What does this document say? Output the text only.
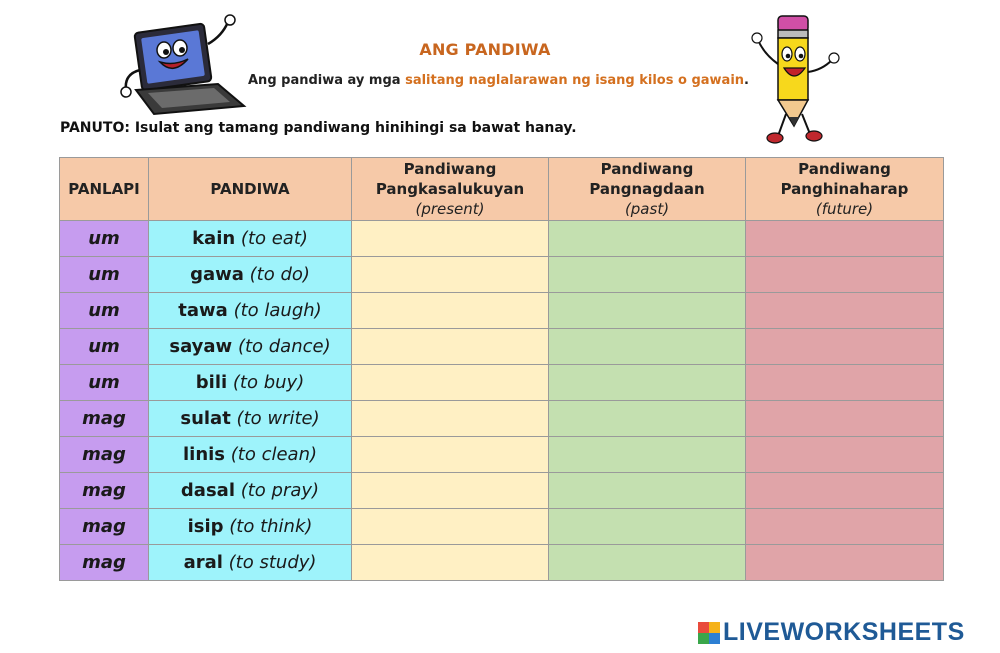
ANG PANDIWA
Ang pandiwa ay mga salitang naglalarawan ng isang kilos o gawain.
PANUTO: Isulat ang tamang pandiwang hinihingi sa bawat hanay.
PANLAPI	PANDIWA	Pandiwang
Pangkasalukuyan
(present)	Pandiwang
Pangnagdaan
(past)	Pandiwang
Panghinaharap
(future)

um	kain (to eat)			
um	gawa (to do)			
um	tawa (to laugh)			
um	sayaw (to dance)			
um	bili (to buy)			
mag	sulat (to write)			
mag	linis (to clean)			
mag	dasal (to pray)			
mag	isip (to think)			
mag	aral (to study)			
LIVEWORKSHEETS
